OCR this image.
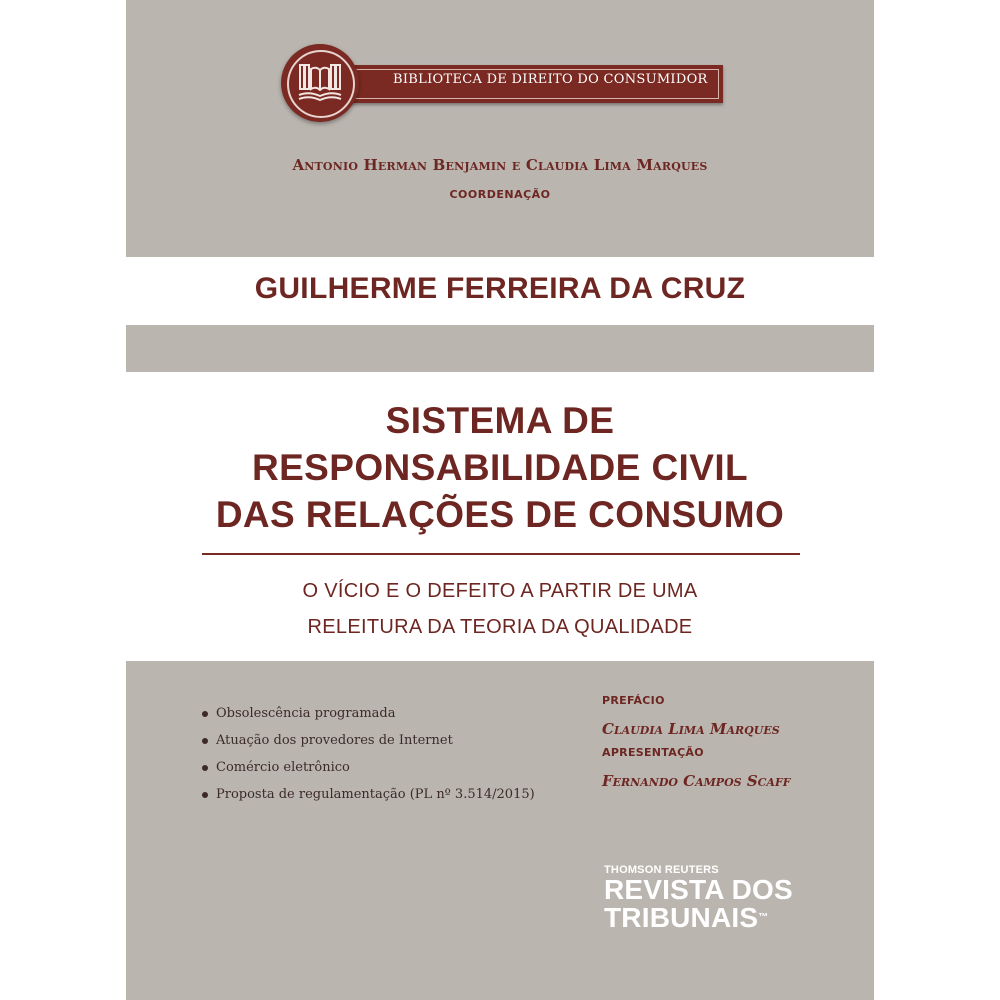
BIBLIOTECA DE DIREITO DO CONSUMIDOR
Antonio Herman Benjamin e Claudia Lima Marques
COORDENAÇÃO
GUILHERME FERREIRA DA CRUZ
SISTEMA DE
RESPONSABILIDADE CIVIL
DAS RELAÇÕES DE CONSUMO
O VÍCIO E O DEFEITO A PARTIR DE UMA
RELEITURA DA TEORIA DA QUALIDADE
Obsolescência programada
Atuação dos provedores de Internet
Comércio eletrônico
Proposta de regulamentação (PL nº 3.514/2015)
PREFÁCIO
Claudia Lima Marques
APRESENTAÇÃO
Fernando Campos Scaff
THOMSON REUTERS
REVISTA DOS
TRIBUNAIS™
